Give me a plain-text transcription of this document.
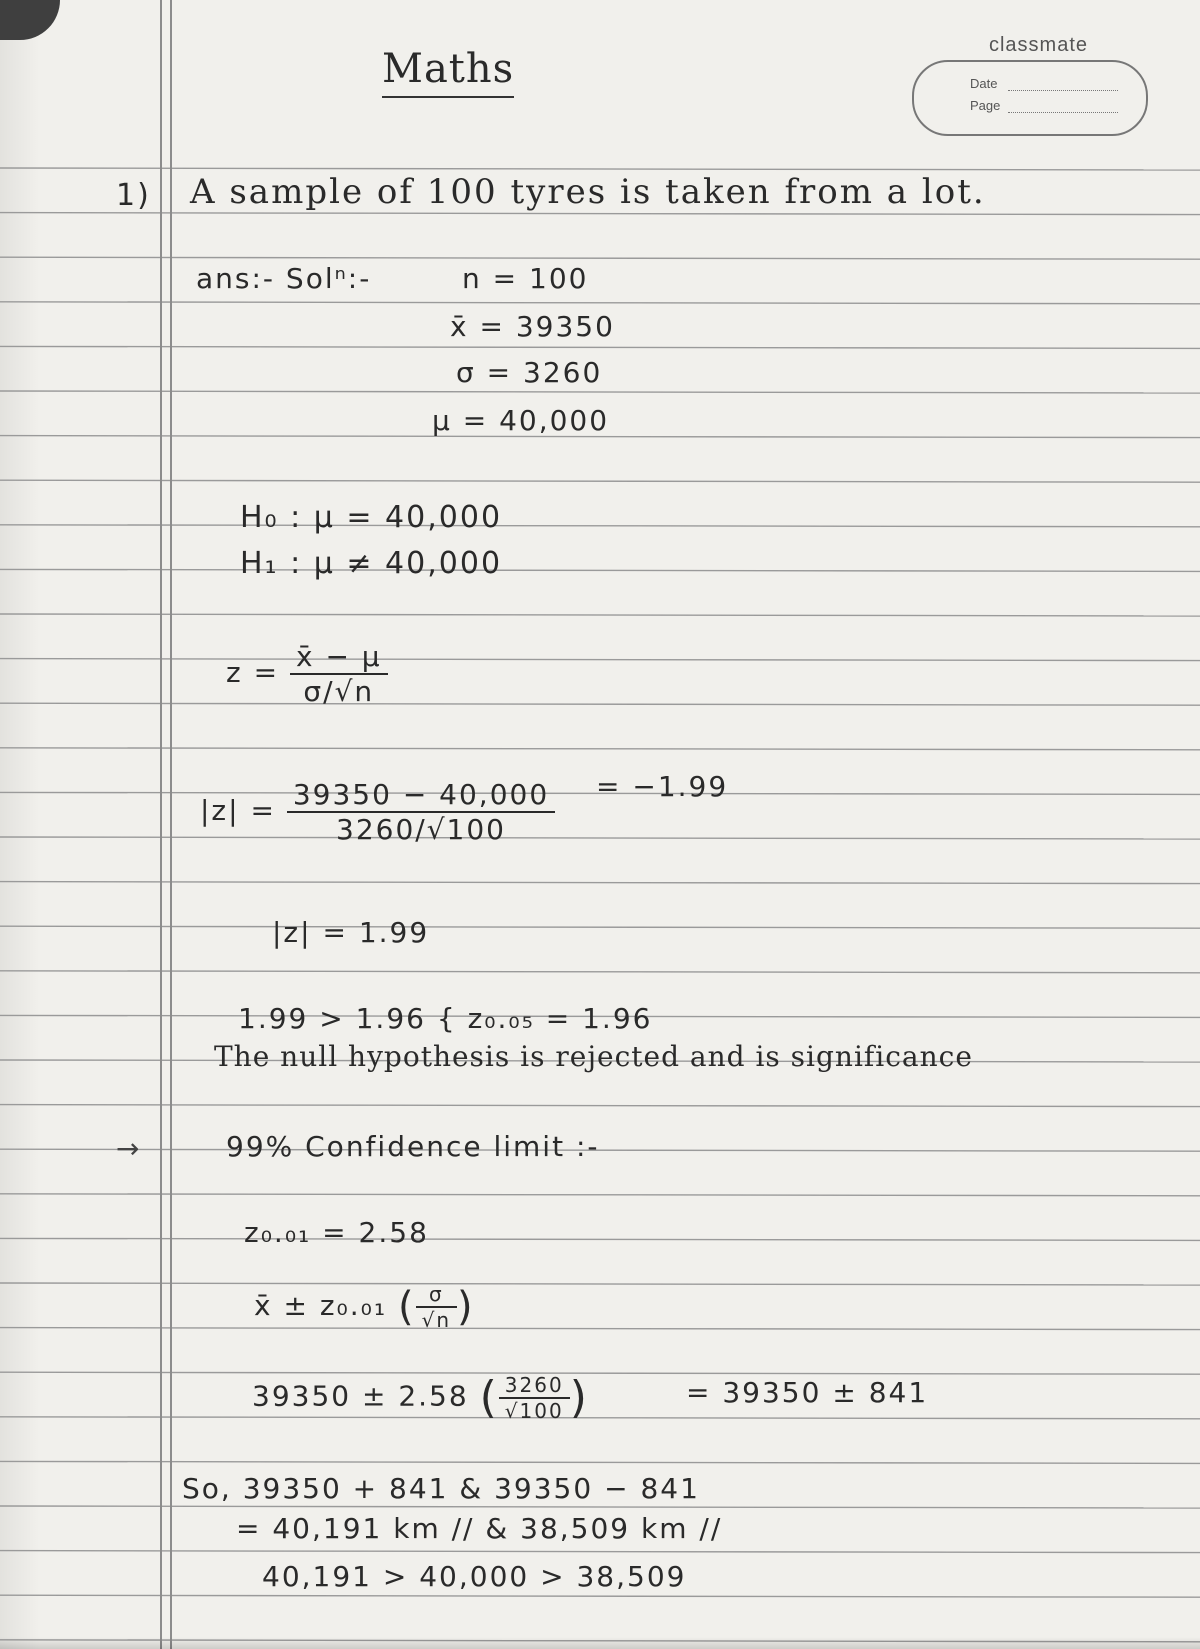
Maths
classmate
Date
Page
1) A sample of 100 tyres is taken from a lot.
ans:- Solⁿ:-	n = 100
x̄ = 39350
σ = 3260
μ = 40,000
H₀ : μ = 40,000
H₁ : μ ≠ 40,000
$z = \frac{x̄ - \mu}{\sigma/√n}$
$|z| = \frac{39350 - 40,000}{3260/√100} = -1.99$
|z| = 1.99
1.99 > 1.96 { z₀.₀₅ = 1.96
The null hypothesis is rejected and is significance
→	99% Confidence limit :-
z₀.₀₁ = 2.58
x̄ ± z₀.₀₁ ( $\frac{\sigma}{√n}$ )
39350 ± 2.58 ( $\frac{3260}{√100}$ )	= 39350 ± 841
So, 39350 + 841 & 39350 − 841
= 40,191 km // & 38,509 km //
40,191 > 40,000 > 38,509
